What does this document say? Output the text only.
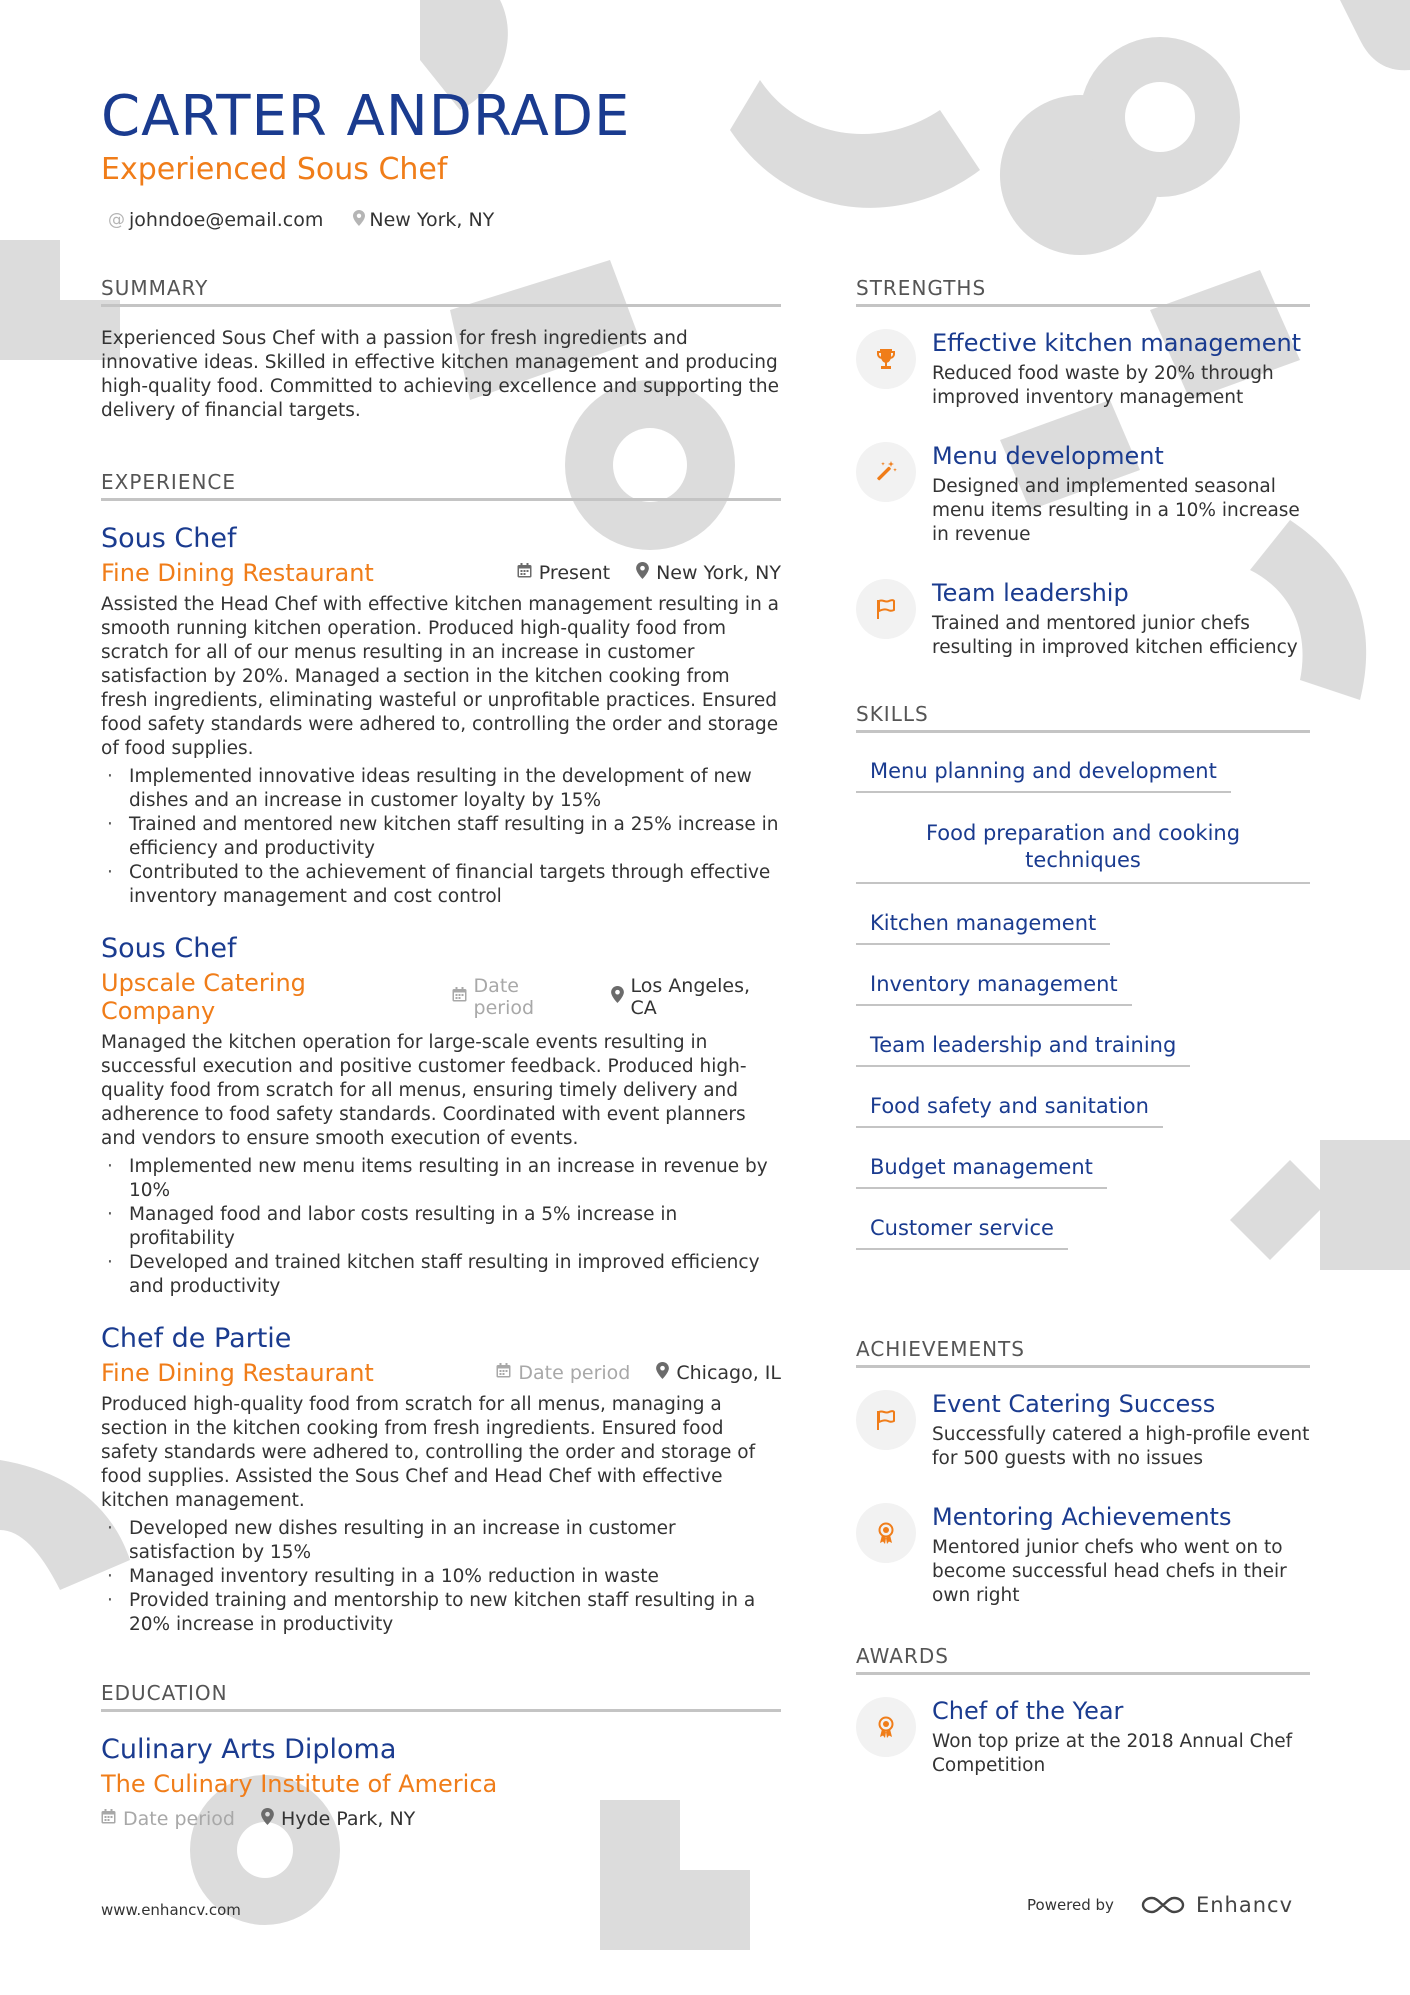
CARTER ANDRADE
Experienced Sous Chef
@ johndoe@email.com New York, NY
SUMMARY
Experienced Sous Chef with a passion for fresh ingredients and innovative ideas. Skilled in effective kitchen management and producing high-quality food. Committed to achieving excellence and supporting the delivery of financial targets.
EXPERIENCE
Sous Chef
Fine Dining Restaurant	Present New York, NY
Assisted the Head Chef with effective kitchen management resulting in a smooth running kitchen operation. Produced high-quality food from scratch for all of our menus resulting in an increase in customer satisfaction by 20%. Managed a section in the kitchen cooking from fresh ingredients, eliminating wasteful or unprofitable practices. Ensured food safety standards were adhered to, controlling the order and storage of food supplies.
· Implemented innovative ideas resulting in the development of new dishes and an increase in customer loyalty by 15%
· Trained and mentored new kitchen staff resulting in a 25% increase in efficiency and productivity
· Contributed to the achievement of financial targets through effective inventory management and cost control
Sous Chef
Upscale Catering Company
Date period
Los Angeles, CA
Managed the kitchen operation for large-scale events resulting in successful execution and positive customer feedback. Produced high-quality food from scratch for all menus, ensuring timely delivery and adherence to food safety standards. Coordinated with event planners and vendors to ensure smooth execution of events.
· Implemented new menu items resulting in an increase in revenue by 10%
· Managed food and labor costs resulting in a 5% increase in profitability
· Developed and trained kitchen staff resulting in improved efficiency and productivity
Chef de Partie
Fine Dining Restaurant	Date period Chicago, IL
Produced high-quality food from scratch for all menus, managing a section in the kitchen cooking from fresh ingredients. Ensured food safety standards were adhered to, controlling the order and storage of food supplies. Assisted the Sous Chef and Head Chef with effective kitchen management.
· Developed new dishes resulting in an increase in customer satisfaction by 15%
· Managed inventory resulting in a 10% reduction in waste
· Provided training and mentorship to new kitchen staff resulting in a 20% increase in productivity
EDUCATION
Culinary Arts Diploma
The Culinary Institute of America
Date period Hyde Park, NY
STRENGTHS
Effective kitchen management
Reduced food waste by 20% through improved inventory management
Menu development
Designed and implemented seasonal menu items resulting in a 10% increase in revenue
Team leadership
Trained and mentored junior chefs resulting in improved kitchen efficiency
SKILLS
Menu planning and development
Food preparation and cooking techniques
Kitchen management
Inventory management
Team leadership and training
Food safety and sanitation
Budget management
Customer service
ACHIEVEMENTS
Event Catering Success
Successfully catered a high-profile event for 500 guests with no issues
Mentoring Achievements
Mentored junior chefs who went on to become successful head chefs in their own right
AWARDS
Chef of the Year
Won top prize at the 2018 Annual Chef Competition
www.enhancv.com	Powered by	Enhancv
